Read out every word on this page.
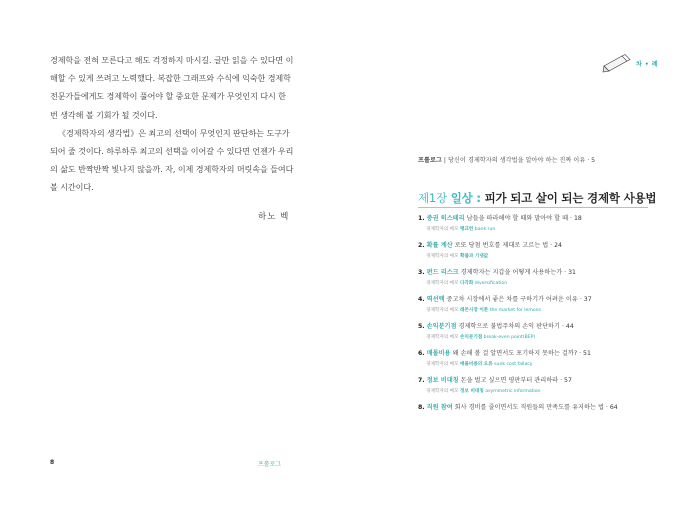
경제학을 전혀 모른다고 해도 걱정하지 마시길. 글만 읽을 수 있다면 이해할 수 있게 쓰려고 노력했다. 복잡한 그래프와 수식에 익숙한 경제학 전문가들에게도 경제학이 풀어야 할 중요한 문제가 무엇인지 다시 한 번 생각해 볼 기회가 될 것이다.

《경제학자의 생각법》은 최고의 선택이 무엇인지 판단하는 도구가 되어 줄 것이다. 하루하루 최고의 선택을 이어갈 수 있다면 언젠가 우리의 삶도 반짝반짝 빛나지 않을까. 자, 이제 경제학자의 머릿속을 들여다 볼 시간이다.

하노 벡
8	프롤로그
차 • 례
프롤로그 | 당신이 경제학자의 생각법을 알아야 하는 진짜 이유 · 5
제1장 일상 : 피가 되고 살이 되는 경제학 사용법
1. 중권 히스테리 남들을 따라해야 할 때와 말아야 할 때 · 18
경제학자의 메모 뱅크런 bank run
2. 확률 계산 로또 당첨 번호를 제대로 고르는 법 · 24
경제학자의 메모 확률과 기댓값
3. 펀드 리스크 경제학자는 지갑을 어떻게 사용하는가 · 31
경제학자의 메모 다각화 diversification
4. 역선택 중고차 시장에서 좋은 차를 구하기가 어려운 이유 · 37
경제학자의 메모 레몬시장 이론 the market for lemons
5. 손익분기점 경제학으로 불법주차의 손익 판단하기 · 44
경제학자의 메모 손익분기점 break-even point(BEP)
6. 매몰비용 왜 손해 볼 걸 알면서도 포기하지 못하는 걸까? · 51
경제학자의 메모 매몰비용의 오류 sunk cost fallacy
7. 정보 비대칭 돈을 벌고 싶으면 평판부터 관리하라 · 57
경제학자의 메모 정보 비대칭 asymmetric information
8. 직원 참여 회사 경비를 줄이면서도 직원들의 만족도를 유지하는 법 · 64
